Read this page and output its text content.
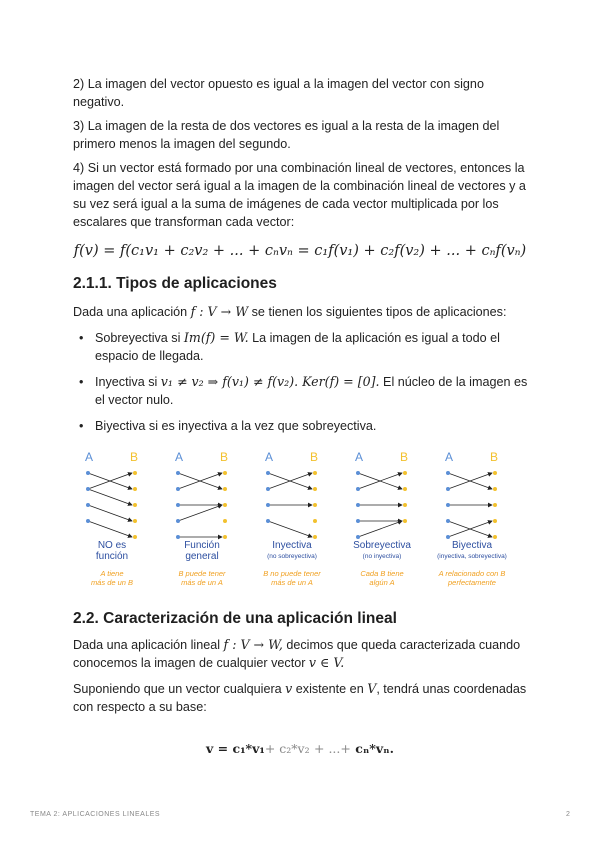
2) La imagen del vector opuesto es igual a la imagen del vector con signo negativo.

3) La imagen de la resta de dos vectores es igual a la resta de la imagen del primero menos la imagen del segundo.

4) Si un vector está formado por una combinación lineal de vectores, entonces la imagen del vector será igual a la imagen de la combinación lineal de vectores y a su vez será igual a la suma de imágenes de cada vector multiplicada por los escalares que transforman cada vector:

f(v) = f(c₁v₁ + c₂v₂ + ... + cₙvₙ = c₁f(v₁) + c₂f(v₂) + ... + cₙf(vₙ)
2.1.1. Tipos de aplicaciones

Dada una aplicación f : V → W se tienen los siguientes tipos de aplicaciones:

• Sobreyectiva si Im(f) = W. La imagen de la aplicación es igual a todo el espacio de llegada.
• Inyectiva si v₁ ≠ v₂ ⇒ f(v₁) ≠ f(v₂). Ker(f) = [0]. El núcleo de la imagen es el vector nulo.
• Biyectiva si es inyectiva a la vez que sobreyectiva.
A	B
NO es
función
A tiene
más de un B
A	B
Función
general
B puede tener
más de un A
A	B
Inyectiva
(no sobreyectiva)
B no puede tener
más de un A
A	B
Sobreyectiva
(no inyectiva)
Cada B tiene
algún A
A	B
Biyectiva
(inyectiva, sobreyectiva)
A relacionado con B
perfectamente
2.2. Caracterización de una aplicación lineal

Dada una aplicación lineal f : V → W, decimos que queda caracterizada cuando conocemos la imagen de cualquier vector v ∈ V.

Suponiendo que un vector cualquiera v existente en V, tendrá unas coordenadas con respecto a su base:

v = c₁*v₁+ c₂*v₂ + ...+ cₙ*vₙ.
TEMA 2: APLICACIONES LINEALES	2
